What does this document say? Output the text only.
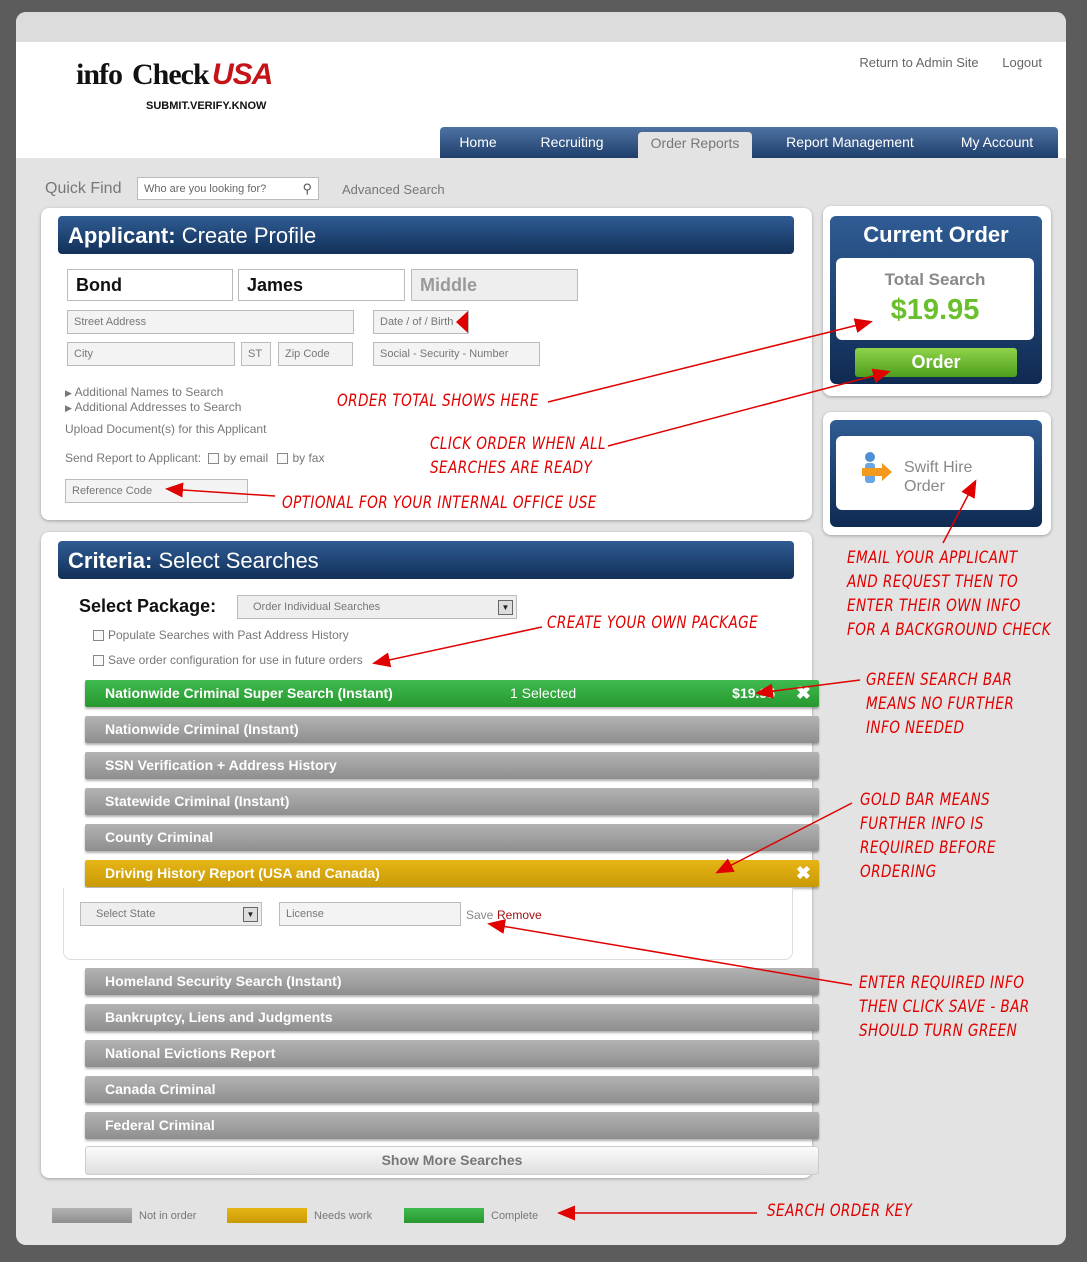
info Check USA
SUBMIT.VERIFY.KNOW
Return to Admin Site Logout
Home	Recruiting	Order Reports	Report Management	My Account
Quick Find	Who are you looking for?	⚲ Advanced Search
Applicant: Create Profile
Bond	James	Middle
Street Address	Date / of / Birth
City	ST	Zip Code	Social - Security - Number
▶ Additional Names to Search
▶ Additional Addresses to Search
Upload Document(s) for this Applicant
Send Report to Applicant: by email by fax
Reference Code
Current Order
Total Search
$19.95
Order
Swift Hire
Order
Criteria: Select Searches
Select Package:	Order Individual Searches	▼
Populate Searches with Past Address History
Save order configuration for use in future orders
Nationwide Criminal Super Search (Instant)	1 Selected	$19.95 ✖
Nationwide Criminal (Instant)
SSN Verification + Address History
Statewide Criminal (Instant)
County Criminal
Driving History Report (USA and Canada)	✖
Select State	▼	License	Save Remove
Homeland Security Search (Instant)
Bankruptcy, Liens and Judgments
National Evictions Report
Canada Criminal
Federal Criminal
Show More Searches
Not in order	Needs work	Complete
ORDER TOTAL SHOWS HERE
CLICK ORDER WHEN ALL
SEARCHES ARE READY
OPTIONAL FOR YOUR INTERNAL OFFICE USE
EMAIL YOUR APPLICANT
AND REQUEST THEN TO
ENTER THEIR OWN INFO
FOR A BACKGROUND CHECK
CREATE YOUR OWN PACKAGE
GREEN SEARCH BAR
MEANS NO FURTHER
INFO NEEDED
GOLD BAR MEANS
FURTHER INFO IS
REQUIRED BEFORE
ORDERING
ENTER REQUIRED INFO
THEN CLICK SAVE - BAR
SHOULD TURN GREEN
SEARCH ORDER KEY
